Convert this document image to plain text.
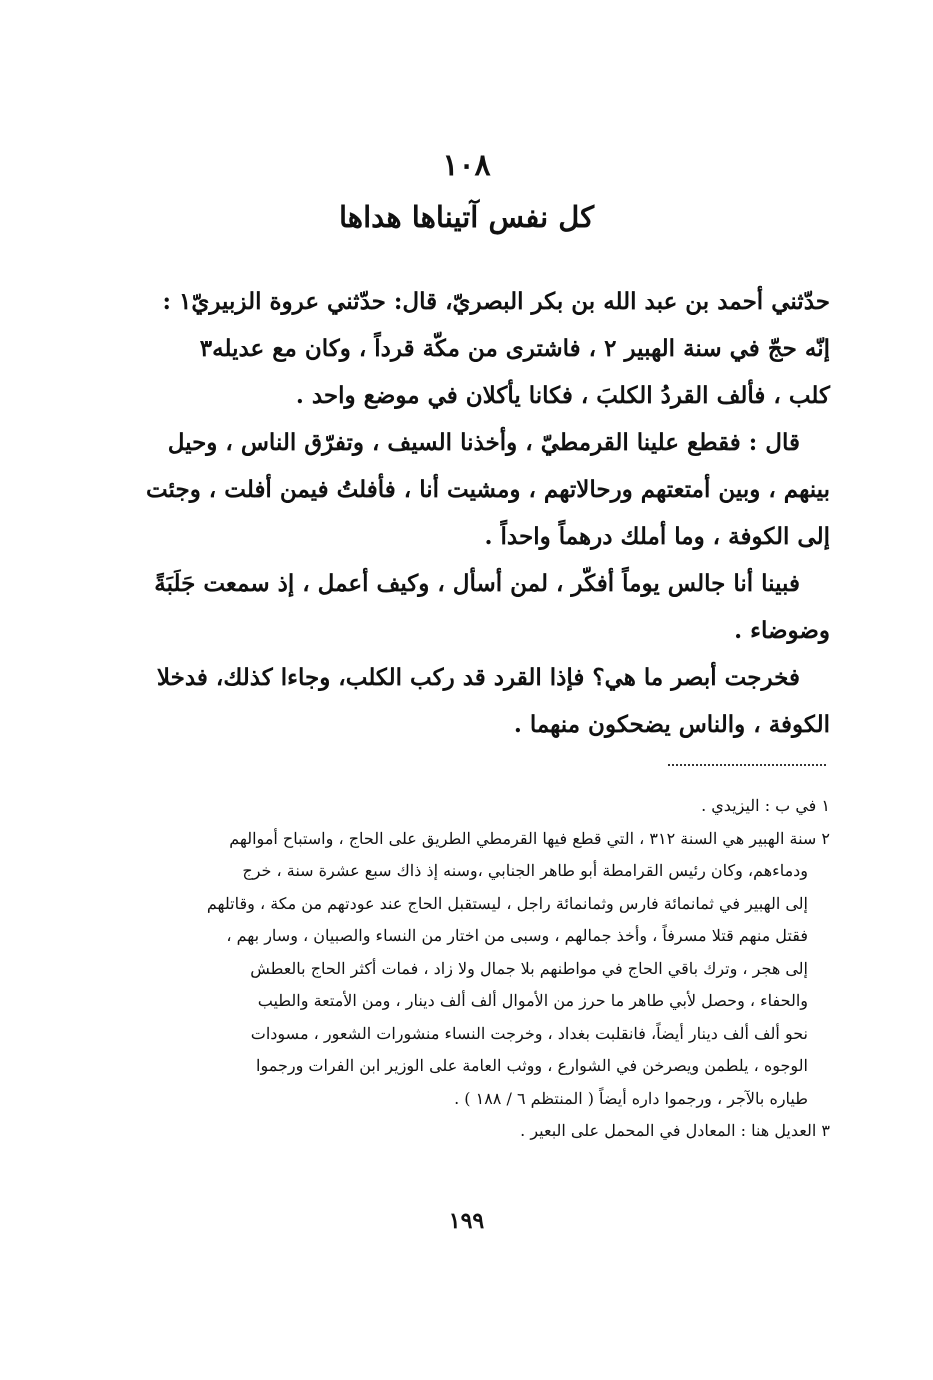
١٠٨
كل نفس آتيناها هداها
حدّثني أحمد بن عبد الله بن بكر البصريّ، قال: حدّثني عروة الزبيريّ١ :
إنّه حجّ في سنة الهبير ٢ ، فاشترى من مكّة قرداً ، وكان مع عديله٣
كلب ، فألف القردُ الكلبَ ، فكانا يأكلان في موضع واحد .
قال : فقطع علينا القرمطيّ ، وأخذنا السيف ، وتفرّق الناس ، وحيل
بينهم ، وبين أمتعتهم ورحالاتهم ، ومشيت أنا ، فأفلتُ فيمن أفلت ، وجئت
إلى الكوفة ، وما أملك درهماً واحداً .
فبينا أنا جالس يوماً أفكّر ، لمن أسأل ، وكيف أعمل ، إذ سمعت جَلَبَةً
وضوضاء .
فخرجت أبصر ما هي؟ فإذا القرد قد ركب الكلب، وجاءا كذلك، فدخلا
الكوفة ، والناس يضحكون منهما .
١ في ب : اليزيدي .
٢ سنة الهبير هي السنة ٣١٢ ، التي قطع فيها القرمطي الطريق على الحاج ، واستباح أموالهم
ودماءهم، وكان رئيس القرامطة أبو طاهر الجنابي ،وسنه إذ ذاك سبع عشرة سنة ، خرج
إلى الهبير في ثمانمائة فارس وثمانمائة راجل ، ليستقبل الحاج عند عودتهم من مكة ، وقاتلهم
فقتل منهم قتلا مسرفاً ، وأخذ جمالهم ، وسبى من اختار من النساء والصبيان ، وسار بهم ،
إلى هجر ، وترك باقي الحاج في مواطنهم بلا جمال ولا زاد ، فمات أكثر الحاج بالعطش
والحفاء ، وحصل لأبي طاهر ما حرز من الأموال ألف ألف دينار ، ومن الأمتعة والطيب
نحو ألف ألف دينار أيضاً، فانقلبت بغداد ، وخرجت النساء منشورات الشعور ، مسودات
الوجوه ، يلطمن ويصرخن في الشوارع ، ووثب العامة على الوزير ابن الفرات ورجموا
طياره بالآجر ، ورجموا داره أيضاً ( المنتظم ٦ / ١٨٨ ) .
٣ العديل هنا : المعادل في المحمل على البعير .
١٩٩
